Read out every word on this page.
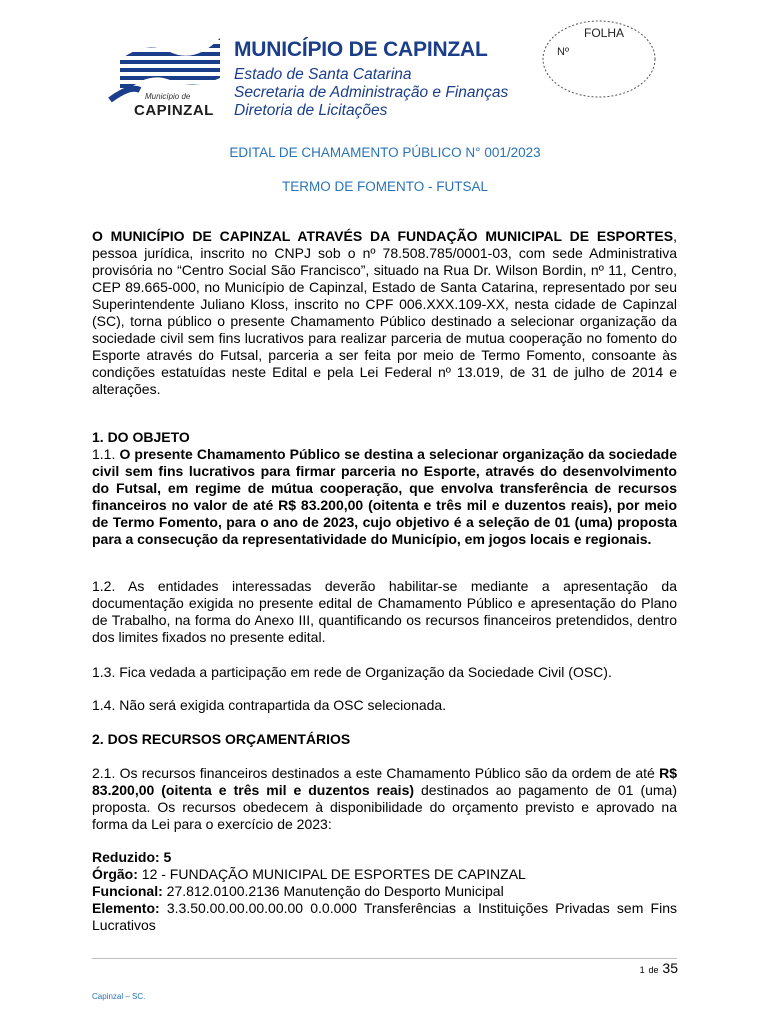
Município de
CAPINZAL
MUNICÍPIO DE CAPINZAL
Estado de Santa Catarina
Secretaria de Administração e Finanças
Diretoria de Licitações
FOLHA
Nº
EDITAL DE CHAMAMENTO PÚBLICO N° 001/2023
TERMO DE FOMENTO - FUTSAL
O MUNICÍPIO DE CAPINZAL ATRAVÉS DA FUNDAÇÃO MUNICIPAL DE ESPORTES, pessoa jurídica, inscrito no CNPJ sob o nº 78.508.785/0001-03, com sede Administrativa provisória no “Centro Social São Francisco”, situado na Rua Dr. Wilson Bordin, nº 11, Centro, CEP 89.665-000, no Município de Capinzal, Estado de Santa Catarina, representado por seu Superintendente Juliano Kloss, inscrito no CPF 006.XXX.109-XX, nesta cidade de Capinzal (SC), torna público o presente Chamamento Público destinado a selecionar organização da sociedade civil sem fins lucrativos para realizar parceria de mutua cooperação no fomento do Esporte através do Futsal, parceria a ser feita por meio de Termo Fomento, consoante às condições estatuídas neste Edital e pela Lei Federal nº 13.019, de 31 de julho de 2014 e alterações.
1. DO OBJETO
1.1. O presente Chamamento Público se destina a selecionar organização da sociedade civil sem fins lucrativos para firmar parceria no Esporte, através do desenvolvimento do Futsal, em regime de mútua cooperação, que envolva transferência de recursos financeiros no valor de até R$ 83.200,00 (oitenta e três mil e duzentos reais), por meio de Termo Fomento, para o ano de 2023, cujo objetivo é a seleção de 01 (uma) proposta para a consecução da representatividade do Município, em jogos locais e regionais.
1.2. As entidades interessadas deverão habilitar-se mediante a apresentação da documentação exigida no presente edital de Chamamento Público e apresentação do Plano de Trabalho, na forma do Anexo III, quantificando os recursos financeiros pretendidos, dentro dos limites fixados no presente edital.
1.3. Fica vedada a participação em rede de Organização da Sociedade Civil (OSC).
1.4. Não será exigida contrapartida da OSC selecionada.
2. DOS RECURSOS ORÇAMENTÁRIOS
2.1. Os recursos financeiros destinados a este Chamamento Público são da ordem de até R$ 83.200,00 (oitenta e três mil e duzentos reais) destinados ao pagamento de 01 (uma) proposta. Os recursos obedecem à disponibilidade do orçamento previsto e aprovado na forma da Lei para o exercício de 2023:
Reduzido: 5
Órgão: 12 - FUNDAÇÃO MUNICIPAL DE ESPORTES DE CAPINZAL
Funcional: 27.812.0100.2136 Manutenção do Desporto Municipal
Elemento: 3.3.50.00.00.00.00.00 0.0.000 Transferências a Instituições Privadas sem Fins Lucrativos
1 de 35
Capinzal – SC.
